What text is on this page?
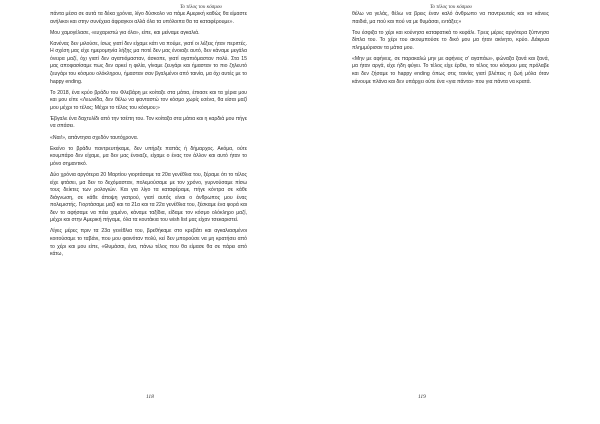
Το τέλος του κόσμου

πάντα μέσα σε αυτά τα δέκα χρόνια, λίγο δύσκολο να πάμε Αμερική καθώς θα είμαστε ανήλικοι και στην συνέχεια άφραγκοι αλλά όλα τα υπόλοιπα θα τα καταφέρουμε».

Μου χαμογέλασε, «ευχαριστώ για όλα», είπε, και μείναμε αγκαλιά.

Κανένας δεν μιλούσε, ίσως γιατί δεν είχαμε κάτι να πούμε, γιατί οι λέξεις ήταν περιττές. Η σχέση μας είχε ημερομηνία λήξης μα ποτέ δεν μας ένοιαξε αυτό, δεν κάναμε μεγάλα όνειρα μαζί, όχι γιατί δεν αγαπιόμασταν, άσκοπε, γιατί αγαπιόμασταν πολύ. Στα 15 μας αποφασίσαμε πως δεν αρκεί η φιλία, γίναμε ζευγάρι και ήμασταν το πιο ζηλευτό ζευγάρι του κόσμου ολόκληρου, ήμασταν σαν βγαλμένοι από ταινία, μα όχι αυτές με το happy ending.

Το 2018, ένα κρύο βράδυ του Φλεβάρη με κοίταξε στα μάτια, έπιασε και τα χέρια μου και μου είπε «Λεωνίδα, δεν θέλω να φανταστώ τον κόσμο χωρίς εσένα, θα είσαι μαζί μου μέχρι το τέλος; Μέχρι το τέλος του κόσμου;»

Έβγαλε ένα δαχτυλίδι από την τσέπη του. Τον κοίταξα στα μάτια και η καρδιά μου πήγε να σπάσει.

«Ναι!», απάντησα σχεδόν ταυτόχρονα.

Εκείνο το βράδυ παντρευτήκαμε, δεν υπήρξε παπάς ή δήμαρχος. Ακόμα, ούτε κουμπάρο δεν είχαμε, μα δεν μας ένοιαζε, είχαμε ο ένας τον άλλον και αυτό ήταν το μόνο σημαντικό.

Δύο χρόνια αργότερα 20 Μαρτίου γιορτάσαμε τα 20α γενέθλια του, ξέραμε ότι το τέλος είχε φτάσει, μα δεν το δεχόμασταν, πολεμούσαμε με τον χρόνο, γυρνούσαμε πίσω τους δείκτες των ρολογιών. Και για λίγο τα καταφέραμε, πήγε κόντρα σε κάθε διάγνωση, σε κάθε άποψη γιατρού, γιατί αυτός είναι ο άνθρωπος μου ένας πολεμιστής. Γιορτάσαμε μαζί και τα 21α και τα 22α γενέθλια του, ξέσκαμε ένα φορά και δεν το αφήσαμε να πάει χαμένο, κάναμε ταξίδια, είδαμε τον κόσμο ολόκληρο μαζί, μέχρι και στην Αμερική πήγαμε, όλα τα κουτάκια του wish list μας είχαν τσεκαριστεί.

Λίγες μέρες πριν τα 23α γενέθλια του, βρεθήκαμε στο κρεβάτι και αγκαλιασμένοι κοιτούσαμε το ταβάνι, που μου φαινόταν πολύ, κεί δεν μπορούσε να μη κρατήσει από το χέρι και μου είπε, «Θυμάσαι, ένα, πάνω τέλος που θα είμασε θα σε πάρει από κάτω,

118
Το τέλος του κόσμου

θέλω να γελάς, θέλω να βρεις έναν καλό άνθρωπο να παντρευτείς και να κάνεις παιδιά, μα πού και πού να με θυμάσαι, εντάξει;»

Του έσφιξα το χέρι και κούνησα καταφατικά το κεφάλι. Τρεις μέρες αργότερα ξύπνησα δίπλα του. Το χέρι του ακουμπούσε το δικό μου μα ήταν ακίνητο, κρύο. Δάκρυα πλημμύρισαν τα μάτια μου.

«Μην με αφήνεις, σε παρακαλώ μην με αφήνεις σ' αγαπάω», φώναξα ξανά και ξανά, μα ήταν αργά, είχε ήδη φύγει. Το τέλος είχε έρθει, το τέλος του κόσμου μας πρόλαβε και δεν ζήσαμε το happy ending όπως στις ταινίες γιατί βλέπεις η ζωή μόλα όταν κάνουμε πλάνα και δεν υπάρχει ούτε ένα «για πάντα» που για πάντα να κρατά.

119
